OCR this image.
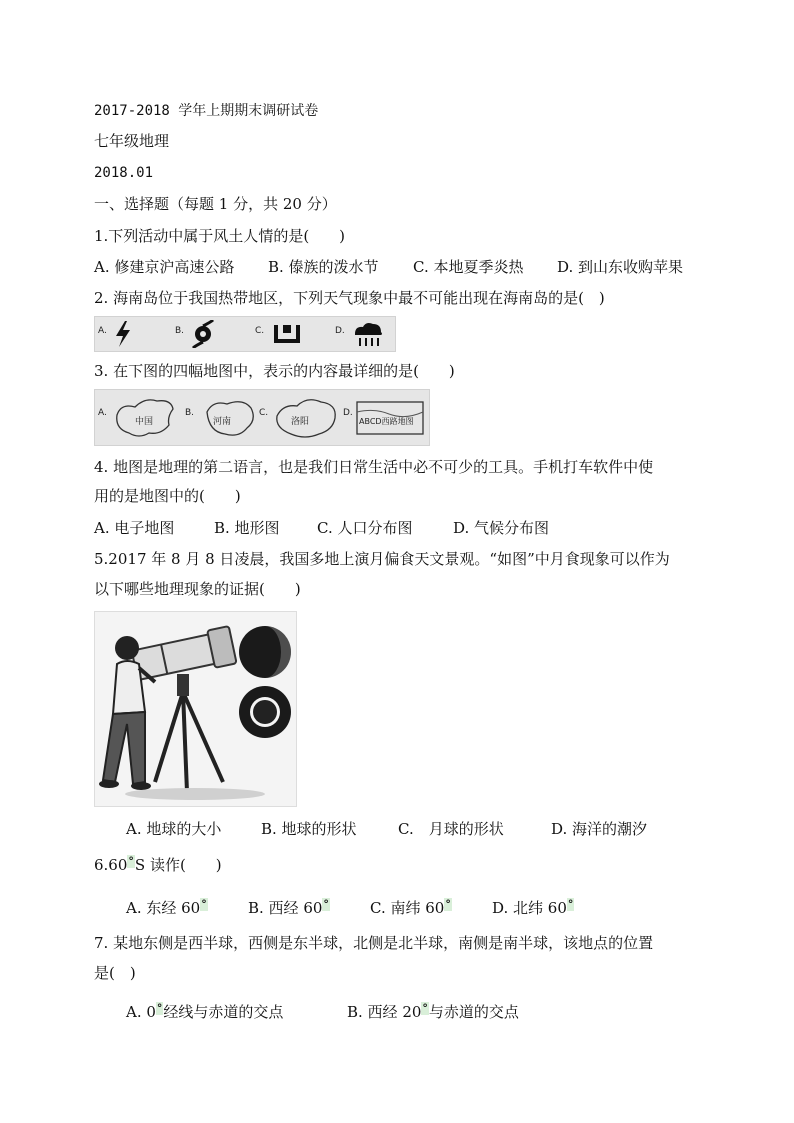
2017-2018 学年上期期末调研试卷
七年级地理
2018.01
一、选择题（每题 1 分，共 20 分）
1.下列活动中属于风土人情的是(　　)
A. 修建京沪高速公路 B. 傣族的泼水节 C. 本地夏季炎热 D. 到山东收购苹果
2. 海南岛位于我国热带地区，下列天气现象中最不可能出现在海南岛的是(　)
A.	B.	C.	D.
3. 在下图的四幅地图中，表示的内容最详细的是(　　)
A.
中国
B.
河南
C.
洛阳
D.
ABCD西路地图
4. 地图是地理的第二语言，也是我们日常生活中必不可少的工具。手机打车软件中使
用的是地图中的(　　)
A. 电子地图	B. 地形图 C. 人口分布图	D. 气候分布图
5.2017 年 8 月 8 日凌晨，我国多地上演月偏食天文景观。“如图”中月食现象可以作为
以下哪些地理现象的证据(　　)
A. 地球的大小	B. 地球的形状	C.　月球的形状	D. 海洋的潮汐
6.60°S 读作(　　)
A. 东经 60°	B. 西经 60°	C. 南纬 60°	D. 北纬 60°
7. 某地东侧是西半球，西侧是东半球，北侧是北半球，南侧是南半球，该地点的位置
是(　)
A. 0°经线与赤道的交点	B. 西经 20°与赤道的交点
